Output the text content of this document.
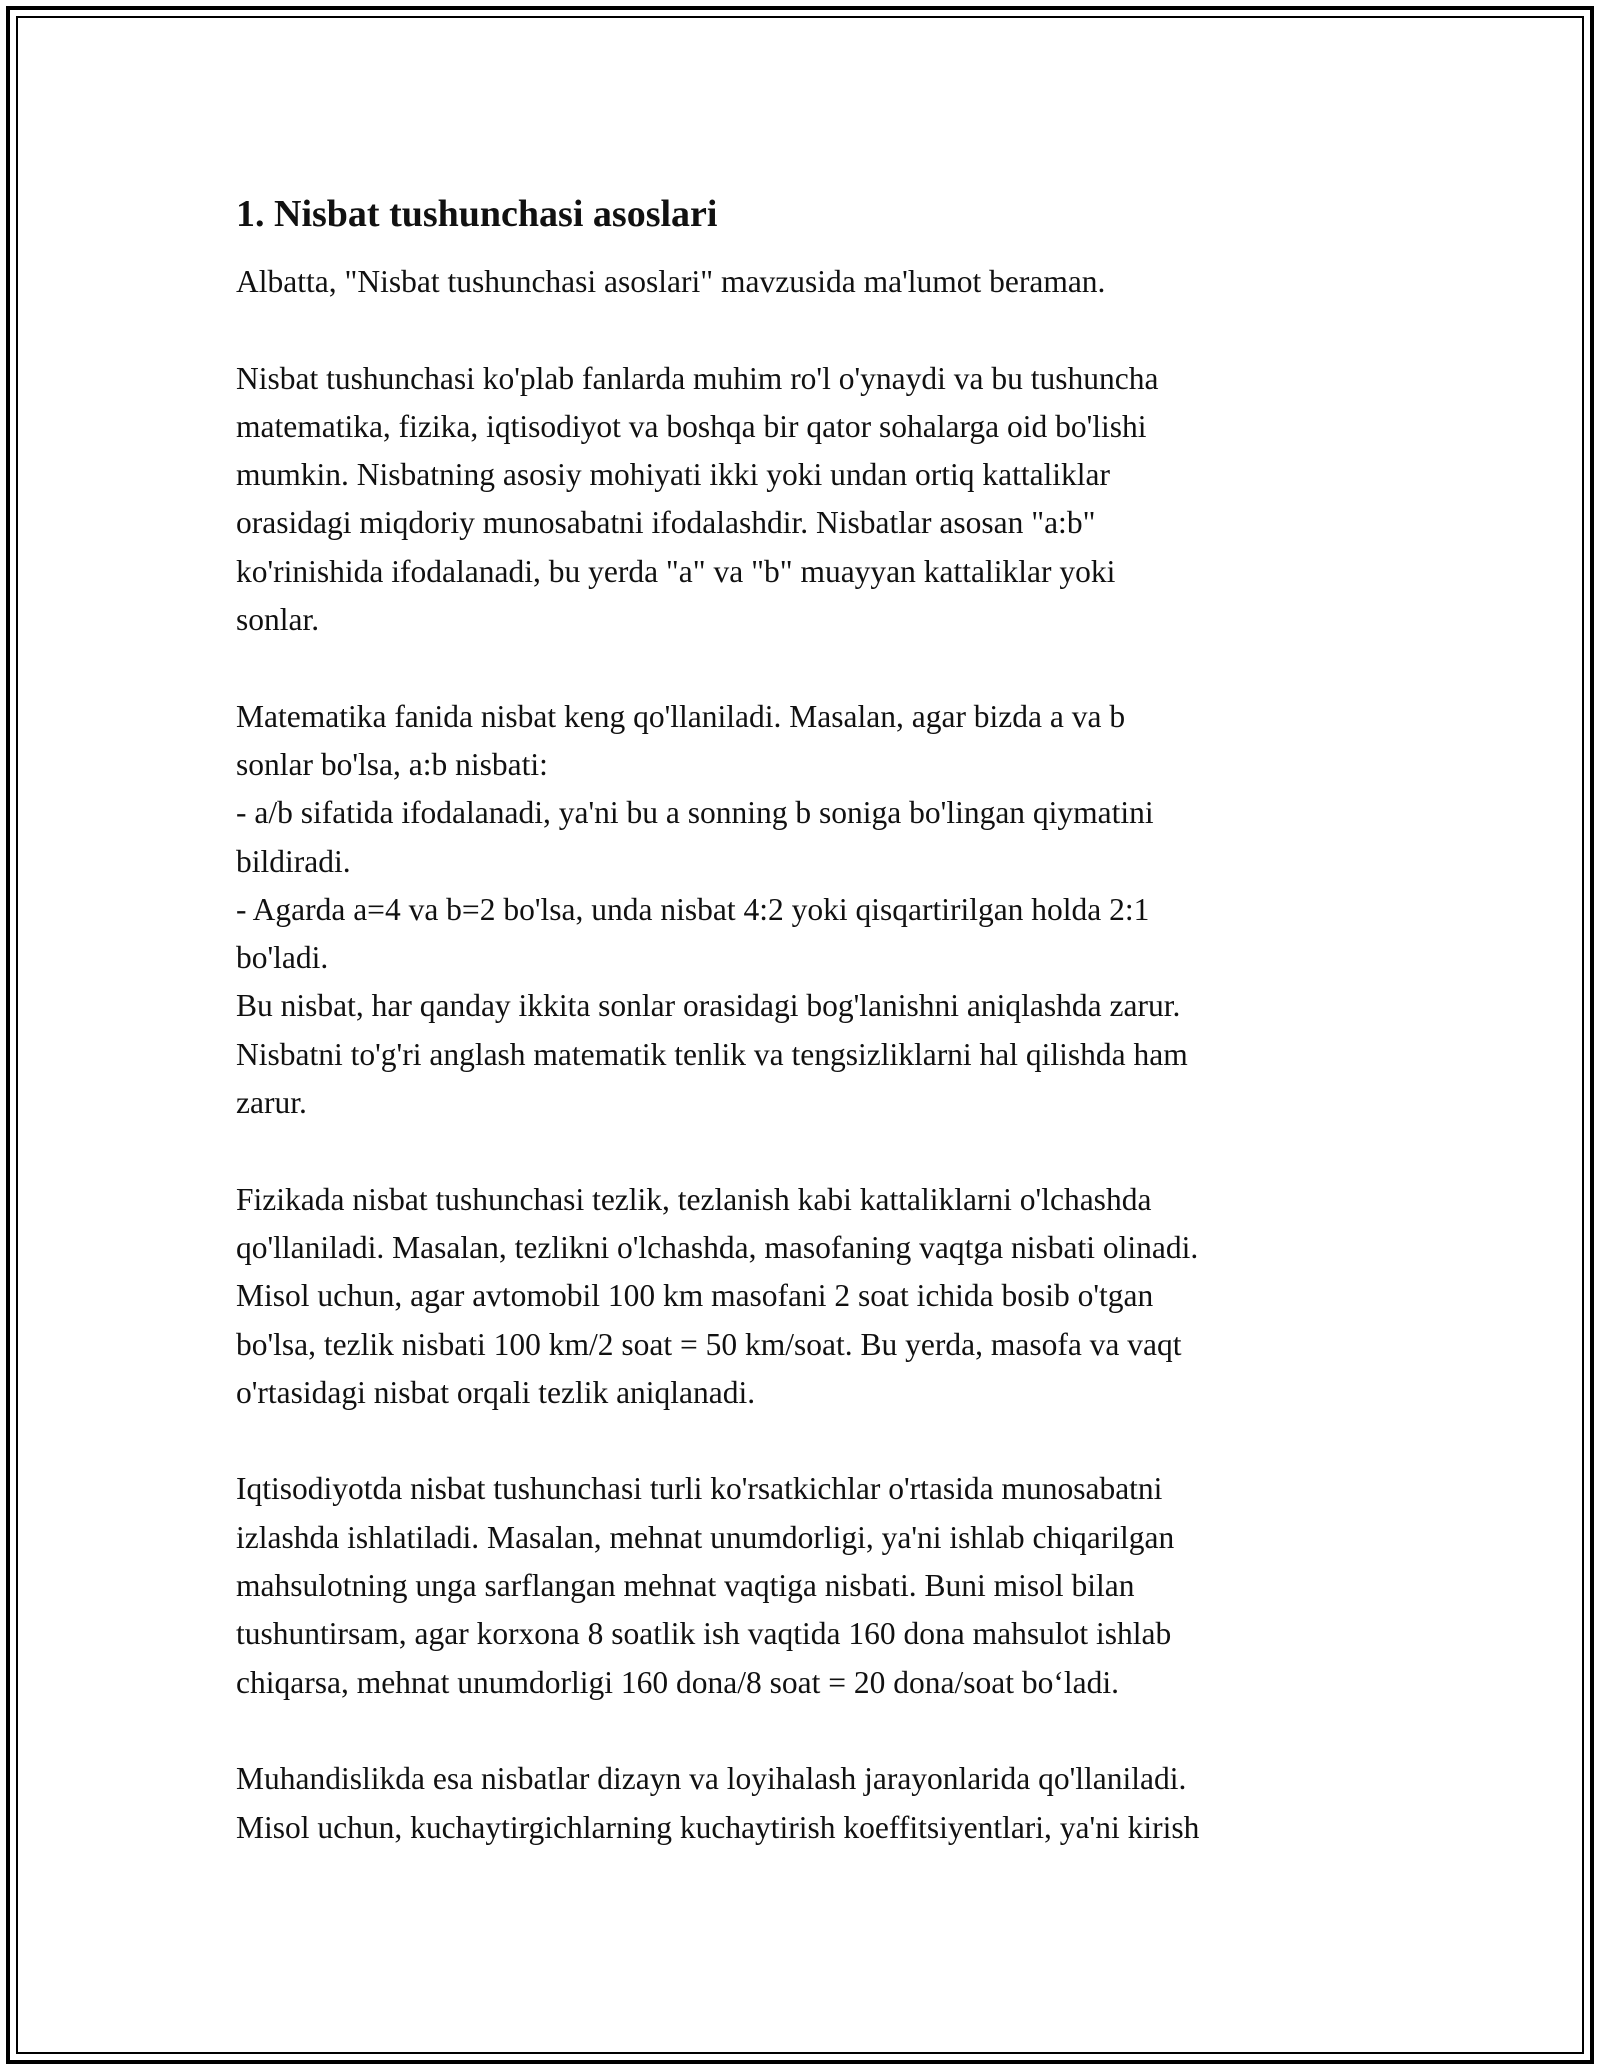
1. Nisbat tushunchasi asoslari

Albatta, "Nisbat tushunchasi asoslari" mavzusida ma'lumot beraman.

Nisbat tushunchasi ko'plab fanlarda muhim ro'l o'ynaydi va bu tushuncha
matematika, fizika, iqtisodiyot va boshqa bir qator sohalarga oid bo'lishi
mumkin. Nisbatning asosiy mohiyati ikki yoki undan ortiq kattaliklar
orasidagi miqdoriy munosabatni ifodalashdir. Nisbatlar asosan "a:b"
ko'rinishida ifodalanadi, bu yerda "a" va "b" muayyan kattaliklar yoki
sonlar.

Matematika fanida nisbat keng qo'llaniladi. Masalan, agar bizda a va b
sonlar bo'lsa, a:b nisbati:
- a/b sifatida ifodalanadi, ya'ni bu a sonning b soniga bo'lingan qiymatini
bildiradi.
- Agarda a=4 va b=2 bo'lsa, unda nisbat 4:2 yoki qisqartirilgan holda 2:1
bo'ladi.
Bu nisbat, har qanday ikkita sonlar orasidagi bog'lanishni aniqlashda zarur.
Nisbatni to'g'ri anglash matematik tenlik va tengsizliklarni hal qilishda ham
zarur.

Fizikada nisbat tushunchasi tezlik, tezlanish kabi kattaliklarni o'lchashda
qo'llaniladi. Masalan, tezlikni o'lchashda, masofaning vaqtga nisbati olinadi.
Misol uchun, agar avtomobil 100 km masofani 2 soat ichida bosib o'tgan
bo'lsa, tezlik nisbati 100 km/2 soat = 50 km/soat. Bu yerda, masofa va vaqt
o'rtasidagi nisbat orqali tezlik aniqlanadi.

Iqtisodiyotda nisbat tushunchasi turli ko'rsatkichlar o'rtasida munosabatni
izlashda ishlatiladi. Masalan, mehnat unumdorligi, ya'ni ishlab chiqarilgan
mahsulotning unga sarflangan mehnat vaqtiga nisbati. Buni misol bilan
tushuntirsam, agar korxona 8 soatlik ish vaqtida 160 dona mahsulot ishlab
chiqarsa, mehnat unumdorligi 160 dona/8 soat = 20 dona/soat bo‘ladi.

Muhandislikda esa nisbatlar dizayn va loyihalash jarayonlarida qo'llaniladi.
Misol uchun, kuchaytirgichlarning kuchaytirish koeffitsiyentlari, ya'ni kirish
